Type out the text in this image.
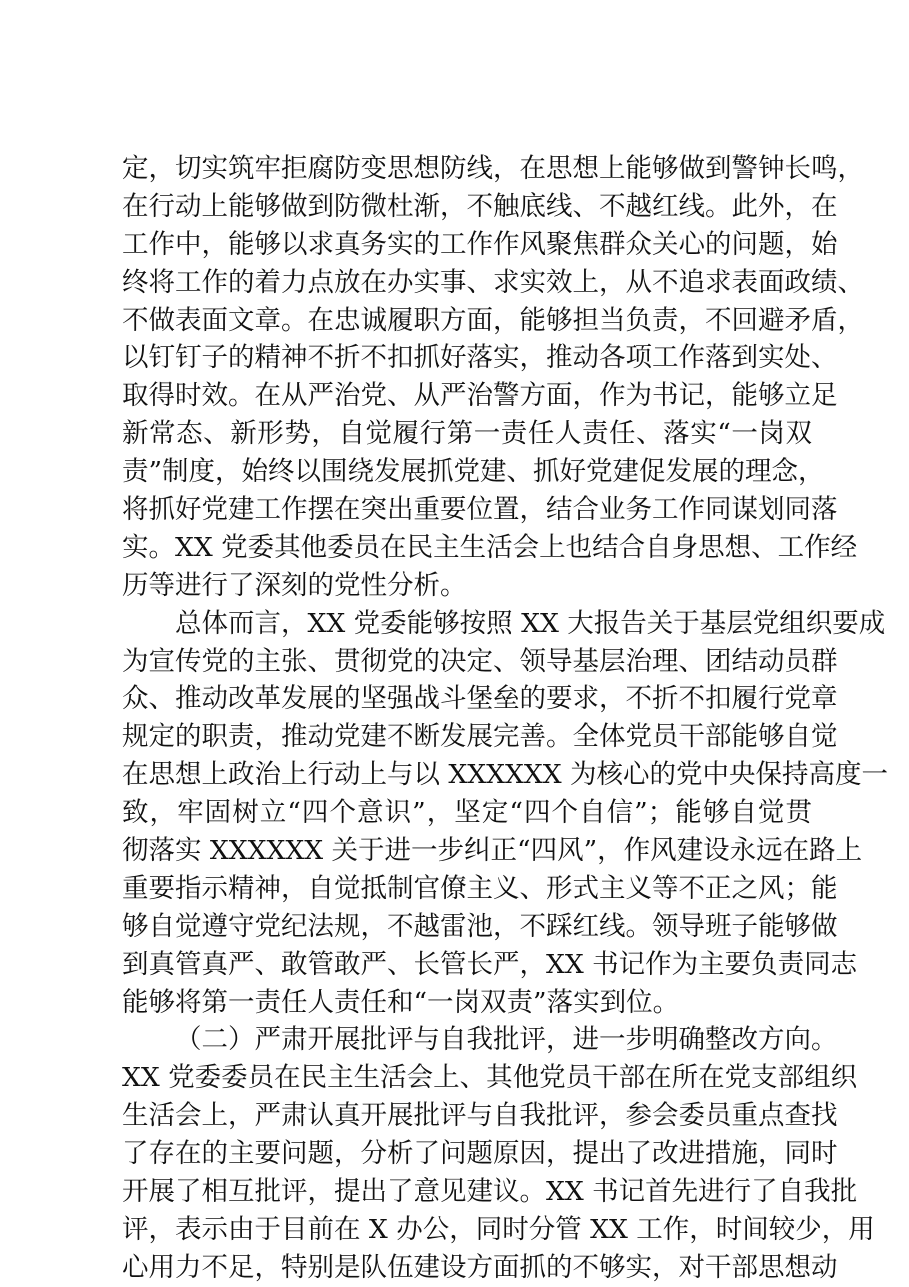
定，切实筑牢拒腐防变思想防线，在思想上能够做到警钟长鸣，
在行动上能够做到防微杜渐，不触底线、不越红线。此外，在
工作中，能够以求真务实的工作作风聚焦群众关心的问题，始
终将工作的着力点放在办实事、求实效上，从不追求表面政绩、
不做表面文章。在忠诚履职方面，能够担当负责，不回避矛盾，
以钉钉子的精神不折不扣抓好落实，推动各项工作落到实处、
取得时效。在从严治党、从严治警方面，作为书记，能够立足
新常态、新形势，自觉履行第一责任人责任、落实“一岗双
责”制度，始终以围绕发展抓党建、抓好党建促发展的理念，
将抓好党建工作摆在突出重要位置，结合业务工作同谋划同落
实。XX 党委其他委员在民主生活会上也结合自身思想、工作经
历等进行了深刻的党性分析。
总体而言，XX 党委能够按照 XX 大报告关于基层党组织要成
为宣传党的主张、贯彻党的决定、领导基层治理、团结动员群
众、推动改革发展的坚强战斗堡垒的要求，不折不扣履行党章
规定的职责，推动党建不断发展完善。全体党员干部能够自觉
在思想上政治上行动上与以 XXXXXX 为核心的党中央保持高度一
致，牢固树立“四个意识”，坚定“四个自信”；能够自觉贯
彻落实 XXXXXX 关于进一步纠正“四风”，作风建设永远在路上
重要指示精神，自觉抵制官僚主义、形式主义等不正之风；能
够自觉遵守党纪法规，不越雷池，不踩红线。领导班子能够做
到真管真严、敢管敢严、长管长严，XX 书记作为主要负责同志
能够将第一责任人责任和“一岗双责”落实到位。
（二）严肃开展批评与自我批评，进一步明确整改方向。
XX 党委委员在民主生活会上、其他党员干部在所在党支部组织
生活会上，严肃认真开展批评与自我批评，参会委员重点查找
了存在的主要问题，分析了问题原因，提出了改进措施，同时
开展了相互批评，提出了意见建议。XX 书记首先进行了自我批
评，表示由于目前在 X 办公，同时分管 XX 工作，时间较少，用
心用力不足，特别是队伍建设方面抓的不够实，对干部思想动
